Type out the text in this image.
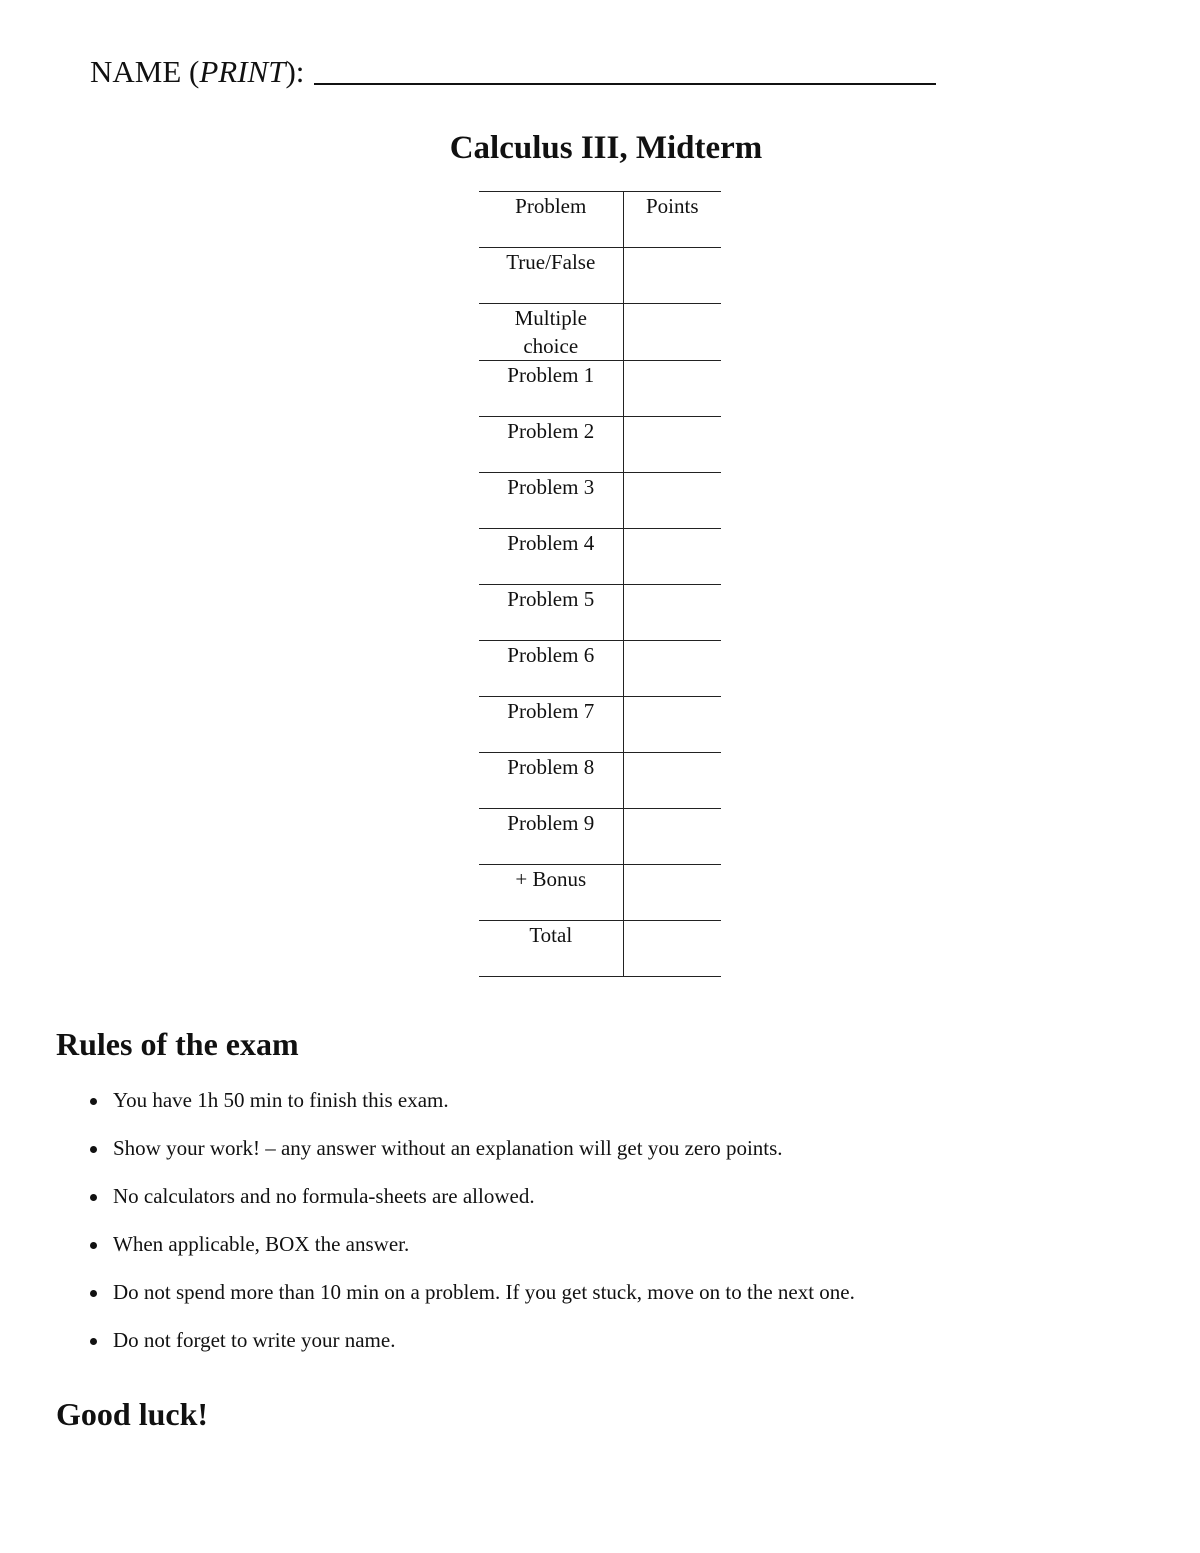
NAME (PRINT):
Calculus III, Midterm
Problem	Points

True/False	

Multiple choice	

Problem 1	

Problem 2	

Problem 3	

Problem 4	

Problem 5	

Problem 6	

Problem 7	

Problem 8	

Problem 9	

+ Bonus	

Total	

Rules of the exam
You have 1h 50 min to finish this exam.
Show your work! – any answer without an explanation will get you zero points.
No calculators and no formula-sheets are allowed.
When applicable, BOX the answer.
Do not spend more than 10 min on a problem. If you get stuck, move on to the next one.
Do not forget to write your name.
Good luck!
